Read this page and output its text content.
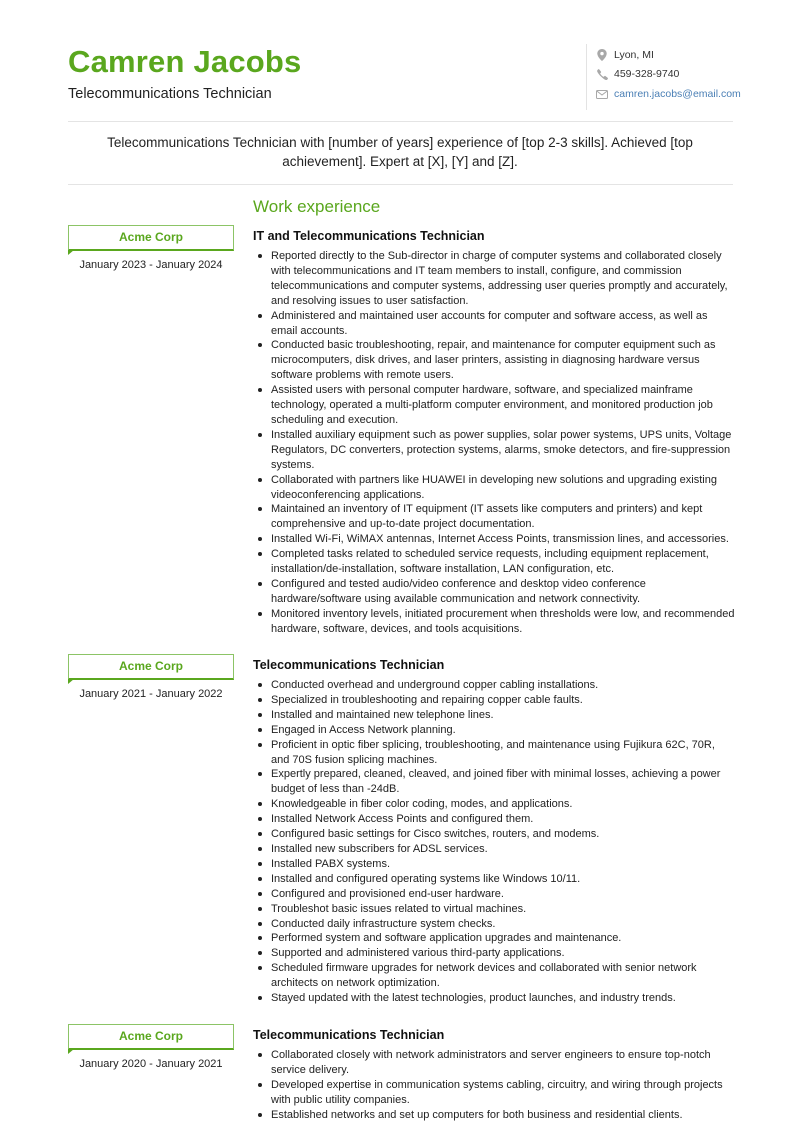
Camren Jacobs
Telecommunications Technician
Lyon, MI
459-328-9740
camren.jacobs@email.com
Telecommunications Technician with [number of years] experience of [top 2-3 skills]. Achieved [top achievement]. Expert at [X], [Y] and [Z].
Work experience
Acme Corp
January 2023 - January 2024
IT and Telecommunications Technician
Reported directly to the Sub-director in charge of computer systems and collaborated closely with telecommunications and IT team members to install, configure, and commission telecommunications and computer systems, addressing user queries promptly and accurately, and resolving issues to user satisfaction.
Administered and maintained user accounts for computer and software access, as well as email accounts.
Conducted basic troubleshooting, repair, and maintenance for computer equipment such as microcomputers, disk drives, and laser printers, assisting in diagnosing hardware versus software problems with remote users.
Assisted users with personal computer hardware, software, and specialized mainframe technology, operated a multi-platform computer environment, and monitored production job scheduling and execution.
Installed auxiliary equipment such as power supplies, solar power systems, UPS units, Voltage Regulators, DC converters, protection systems, alarms, smoke detectors, and fire-suppression systems.
Collaborated with partners like HUAWEI in developing new solutions and upgrading existing videoconferencing applications.
Maintained an inventory of IT equipment (IT assets like computers and printers) and kept comprehensive and up-to-date project documentation.
Installed Wi-Fi, WiMAX antennas, Internet Access Points, transmission lines, and accessories.
Completed tasks related to scheduled service requests, including equipment replacement, installation/de-installation, software installation, LAN configuration, etc.
Configured and tested audio/video conference and desktop video conference hardware/software using available communication and network connectivity.
Monitored inventory levels, initiated procurement when thresholds were low, and recommended hardware, software, devices, and tools acquisitions.
Acme Corp
January 2021 - January 2022
Telecommunications Technician
Conducted overhead and underground copper cabling installations.
Specialized in troubleshooting and repairing copper cable faults.
Installed and maintained new telephone lines.
Engaged in Access Network planning.
Proficient in optic fiber splicing, troubleshooting, and maintenance using Fujikura 62C, 70R, and 70S fusion splicing machines.
Expertly prepared, cleaned, cleaved, and joined fiber with minimal losses, achieving a power budget of less than -24dB.
Knowledgeable in fiber color coding, modes, and applications.
Installed Network Access Points and configured them.
Configured basic settings for Cisco switches, routers, and modems.
Installed new subscribers for ADSL services.
Installed PABX systems.
Installed and configured operating systems like Windows 10/11.
Configured and provisioned end-user hardware.
Troubleshot basic issues related to virtual machines.
Conducted daily infrastructure system checks.
Performed system and software application upgrades and maintenance.
Supported and administered various third-party applications.
Scheduled firmware upgrades for network devices and collaborated with senior network architects on network optimization.
Stayed updated with the latest technologies, product launches, and industry trends.
Acme Corp
January 2020 - January 2021
Telecommunications Technician
Collaborated closely with network administrators and server engineers to ensure top-notch service delivery.
Developed expertise in communication systems cabling, circuitry, and wiring through projects with public utility companies.
Established networks and set up computers for both business and residential clients.
